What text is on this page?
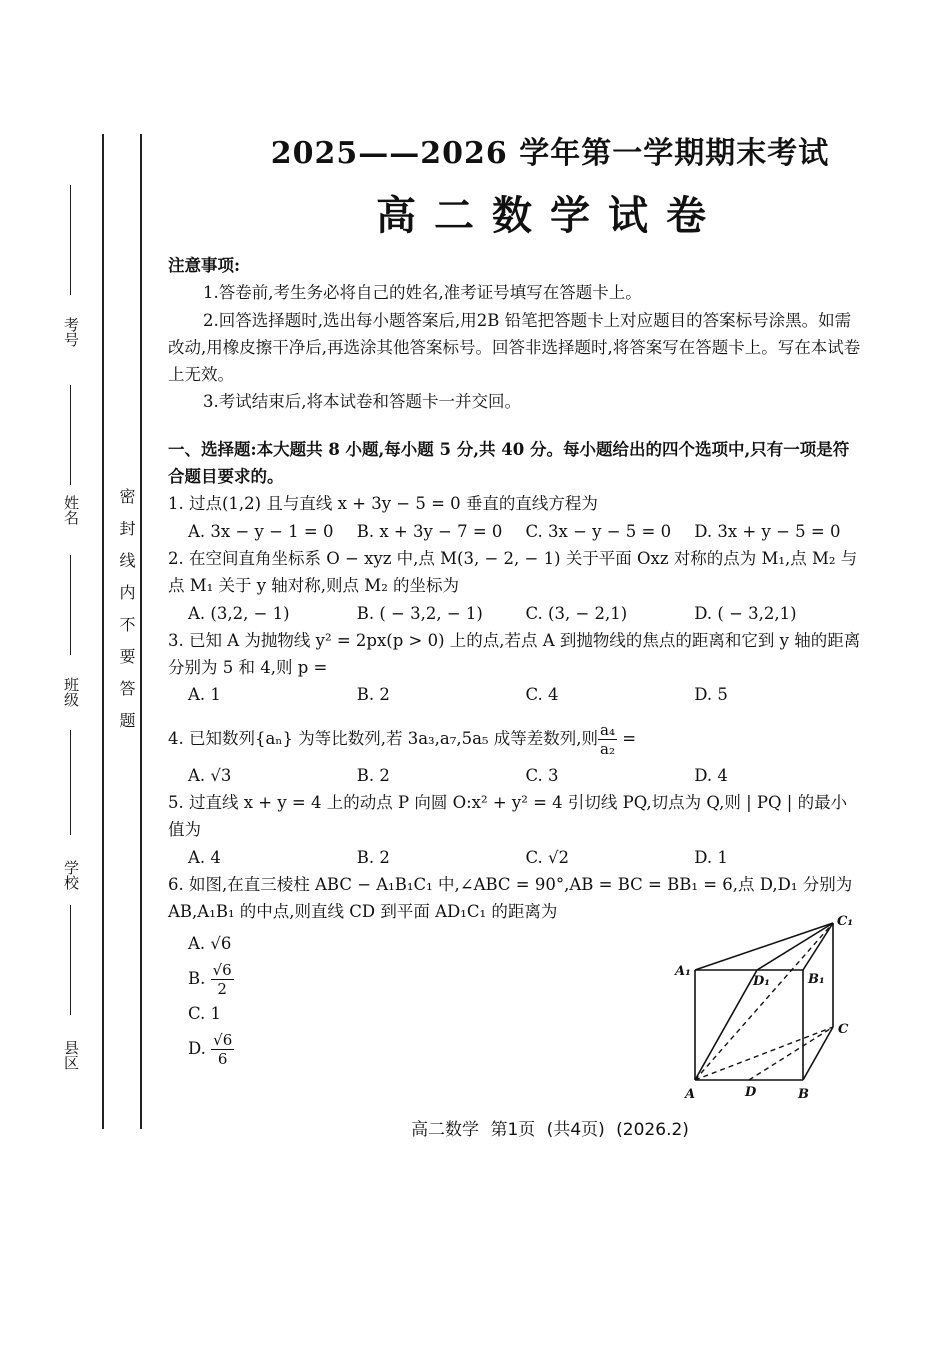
考号
姓名
班级
学校
县区
密封线内不要答题
2025——2026 学年第一学期期末考试
高二数学试卷

注意事项:

1.答卷前,考生务必将自己的姓名,准考证号填写在答题卡上。

2.回答选择题时,选出每小题答案后,用2B 铅笔把答题卡上对应题目的答案标号涂黑。如需改动,用橡皮擦干净后,再选涂其他答案标号。回答非选择题时,将答案写在答题卡上。写在本试卷上无效。

3.考试结束后,将本试卷和答题卡一并交回。

一、选择题:本大题共 8 小题,每小题 5 分,共 40 分。每小题给出的四个选项中,只有一项是符合题目要求的。

1. 过点(1,2) 且与直线 x + 3y − 5 = 0 垂直的直线方程为

A. 3x − y − 1 = 0	B. x + 3y − 7 = 0	C. 3x − y − 5 = 0	D. 3x + y − 5 = 0

2. 在空间直角坐标系 O − xyz 中,点 M(3, − 2, − 1) 关于平面 Oxz 对称的点为 M₁,点 M₂ 与点 M₁ 关于 y 轴对称,则点 M₂ 的坐标为

A. (3,2, − 1)	B. ( − 3,2, − 1)	C. (3, − 2,1)	D. ( − 3,2,1)

3. 已知 A 为抛物线 y² = 2px(p > 0) 上的点,若点 A 到抛物线的焦点的距离和它到 y 轴的距离分别为 5 和 4,则 p =

A. 1	B. 2	C. 4	D. 5

4. 已知数列{aₙ} 为等比数列,若 3a₃,a₇,5a₅ 成等差数列,则 $\frac{\text{a₄}}{\text{a₂}}$ =

A. √3	B. 2	C. 3	D. 4

5. 过直线 x + y = 4 上的动点 P 向圆 O:x² + y² = 4 引切线 PQ,切点为 Q,则 | PQ | 的最小值为

A. 4	B. 2	C. √2	D. 1

6. 如图,在直三棱柱 ABC − A₁B₁C₁ 中,∠ABC = 90°,AB = BC = BB₁ = 6,点 D,D₁ 分别为 AB,A₁B₁ 的中点,则直线 CD 到平面 AD₁C₁ 的距离为

A. √6
B. $\frac{√6}{2}$
C. 1
D. $\frac{√6}{6}$
A₁
D₁	B₁
C₁
C
A	D	B
高二数学 第1页 (共4页) (2026.2)
